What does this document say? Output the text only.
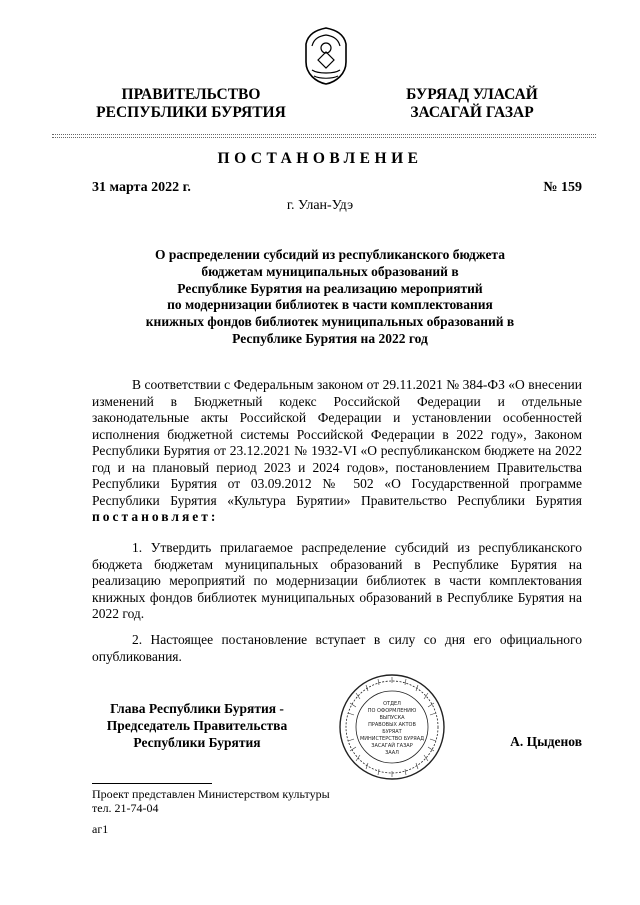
ПРАВИТЕЛЬСТВО
РЕСПУБЛИКИ БУРЯТИЯ
БУРЯАД УЛАСАЙ
ЗАСАГАЙ ГАЗАР
ПОСТАНОВЛЕНИЕ
31 марта 2022 г.	№ 159
г. Улан-Удэ
О распределении субсидий из республиканского бюджета
бюджетам муниципальных образований в
Республике Бурятия на реализацию мероприятий
по модернизации библиотек в части комплектования
книжных фондов библиотек муниципальных образований в
Республике Бурятия на 2022 год
В соответствии с Федеральным законом от 29.11.2021 № 384-ФЗ «О внесении изменений в Бюджетный кодекс Российской Федерации и отдельные законодательные акты Российской Федерации и установлении особенностей исполнения бюджетной системы Российской Федерации в 2022 году», Законом Республики Бурятия от 23.12.2021 № 1932-VI «О республиканском бюджете на 2022 год и на плановый период 2023 и 2024 годов», постановлением Правительства Республики Бурятия от 03.09.2012 № 502 «О Государственной программе Республики Бурятия «Культура Бурятии» Правительство Республики Бурятия постановляет:
1. Утвердить прилагаемое распределение субсидий из республиканского бюджета бюджетам муниципальных образований в Республике Бурятия на реализацию мероприятий по модернизации библиотек в части комплектования книжных фондов библиотек муниципальных образований в Республике Бурятия на 2022 год.
2. Настоящее постановление вступает в силу со дня его официального опубликования.
Глава Республики Бурятия -
Председатель Правительства
Республики Бурятия
ОТДЕЛ
ПО ОФОРМЛЕНИЮ
ВЫПУСКА
ПРАВОВЫХ АКТОВ
БУРЯАТ
МИНИСТЕРСТВО БУРЯАД
ЗАСАГАЙ ГАЗАР
ЗААЛ
А. Цыденов
Проект представлен Министерством культуры
тел. 21-74-04
аг1
